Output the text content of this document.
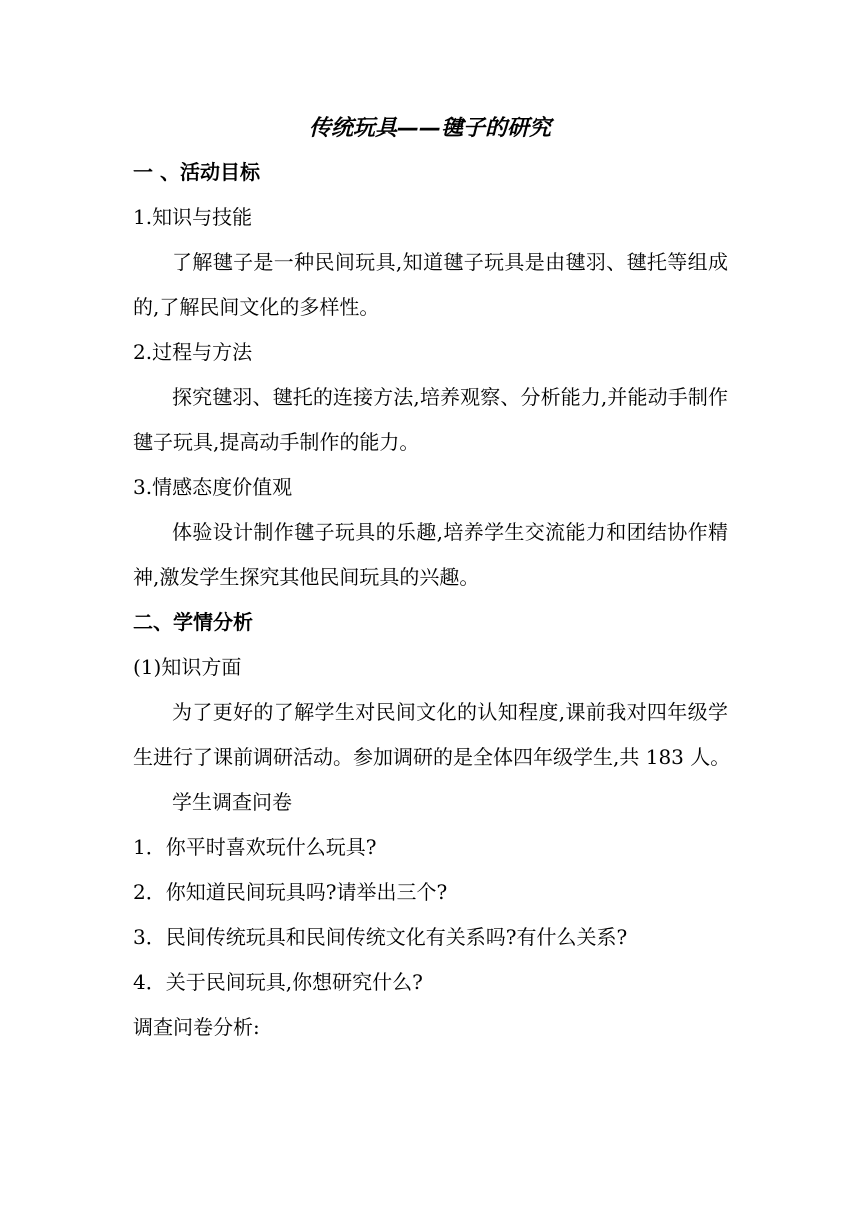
传统玩具——毽子的研究
一 、活动目标
1.知识与技能
了解毽子是一种民间玩具,知道毽子玩具是由毽羽、毽托等组成
的,了解民间文化的多样性。
2.过程与方法
探究毽羽、毽托的连接方法,培养观察、分析能力,并能动手制作
毽子玩具,提高动手制作的能力。
3.情感态度价值观
体验设计制作毽子玩具的乐趣,培养学生交流能力和团结协作精
神,激发学生探究其他民间玩具的兴趣。
二、学情分析
(1)知识方面
为了更好的了解学生对民间文化的认知程度,课前我对四年级学
生进行了课前调研活动。参加调研的是全体四年级学生,共 183 人。
学生调查问卷
1．你平时喜欢玩什么玩具?
2．你知道民间玩具吗?请举出三个?
3．民间传统玩具和民间传统文化有关系吗?有什么关系?
4．关于民间玩具,你想研究什么?
调查问卷分析:
